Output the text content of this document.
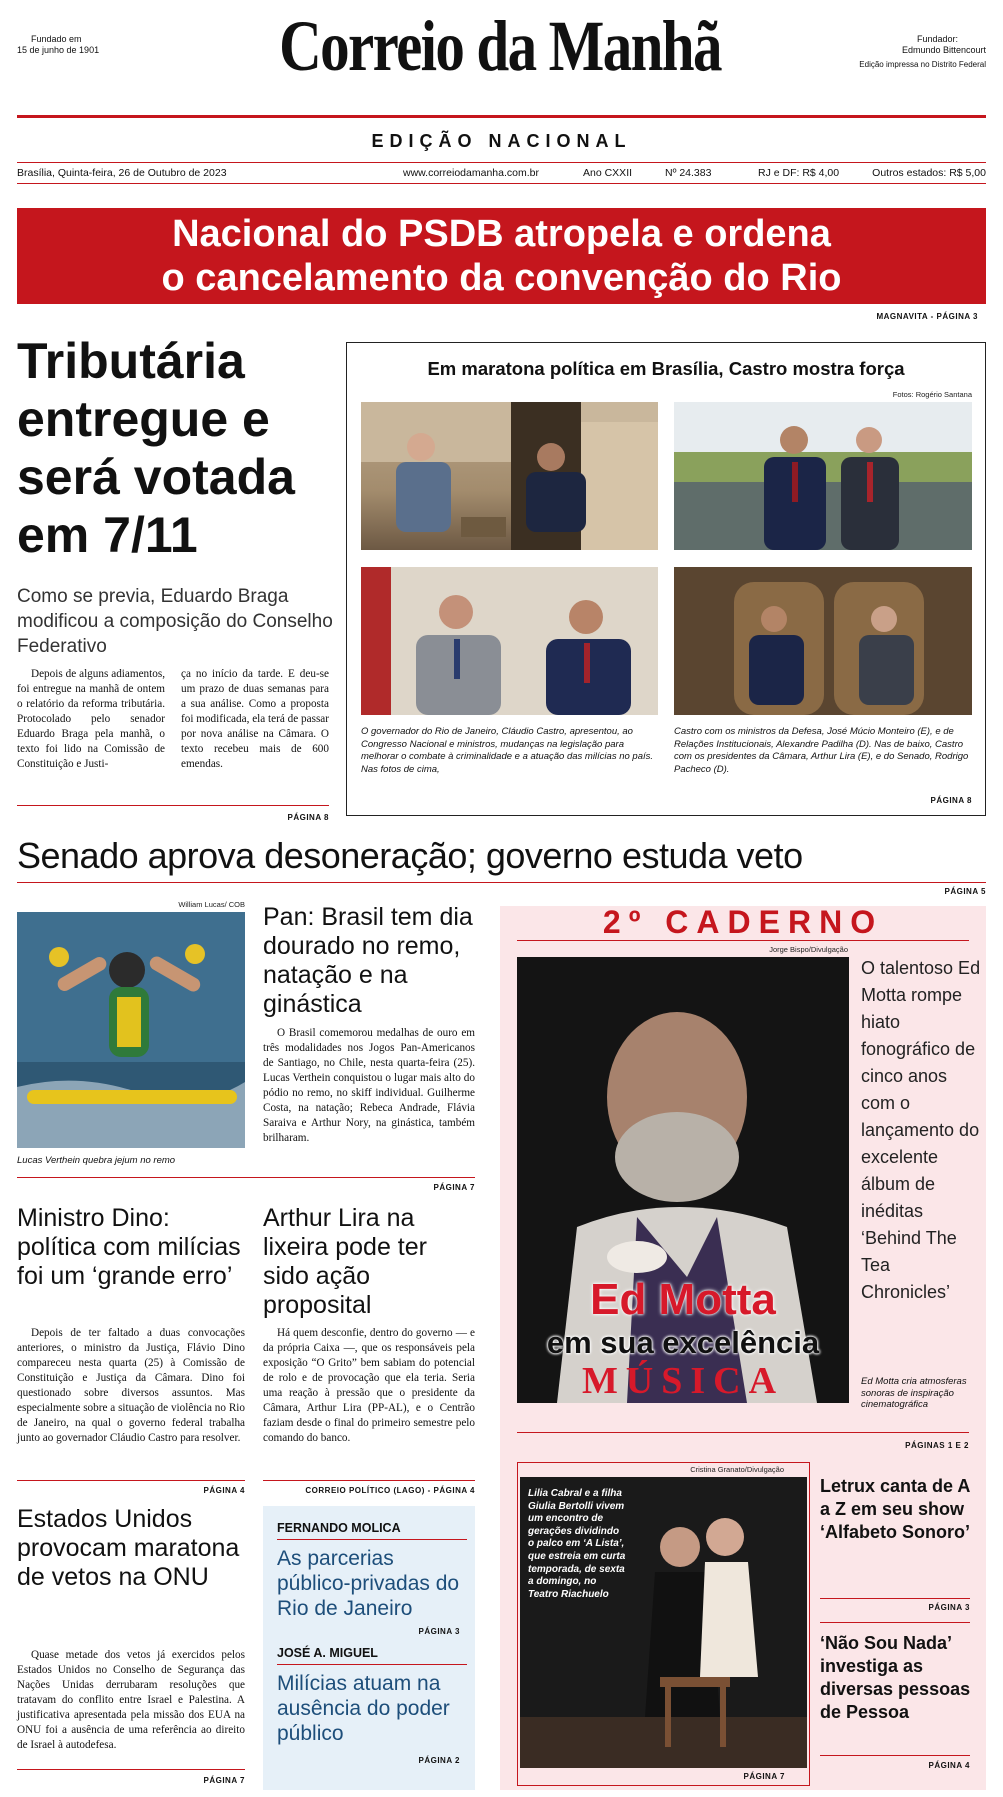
Fundado em
15 de junho de 1901	Correio da Manhã	Fundador:
Edmundo Bittencourt
Edição impressa no Distrito Federal
EDIÇÃO NACIONAL
Brasília, Quinta-feira, 26 de Outubro de 2023	www.correiodamanha.com.br	Ano CXXII	Nº 24.383	RJ e DF: R$ 4,00	Outros estados: R$ 5,00
Nacional do PSDB atropela e ordena
o cancelamento da convenção do Rio
MAGNAVITA - PÁGINA 3
Tributária entregue e será votada em 7/11
Como se previa, Eduardo Braga modificou a composição do Conselho Federativo

Depois de alguns adiamentos, foi entregue na manhã de ontem o relatório da reforma tributária. Protocolado pelo senador Eduardo Braga pela manhã, o texto foi lido na Comissão de Constituição e Justi-

ça no início da tarde. E deu-se um prazo de duas semanas para a sua análise. Como a proposta foi modificada, ela terá de passar por nova análise na Câmara. O texto recebeu mais de 600 emendas.

PÁGINA 8
Em maratona política em Brasília, Castro mostra força
Fotos: Rogério Santana
O governador do Rio de Janeiro, Cláudio Castro, apresentou, ao Congresso Nacional e ministros, mudanças na legislação para melhorar o combate à criminalidade e a atuação das milícias no país. Nas fotos de cima,
Castro com os ministros da Defesa, José Múcio Monteiro (E), e de Relações Institucionais, Alexandre Padilha (D). Nas de baixo, Castro com os presidentes da Câmara, Arthur Lira (E), e do Senado, Rodrigo Pacheco (D).
PÁGINA 8
Senado aprova desoneração; governo estuda veto
PÁGINA 5
William Lucas/ COB
Lucas Verthein quebra jejum no remo
Pan: Brasil tem dia dourado no remo, natação e na ginástica

O Brasil comemorou medalhas de ouro em três modalidades nos Jogos Pan-Americanos de Santiago, no Chile, nesta quarta-feira (25). Lucas Verthein conquistou o lugar mais alto do pódio no remo, no skiff individual. Guilherme Costa, na natação; Rebeca Andrade, Flávia Saraiva e Arthur Nory, na ginástica, também brilharam.

PÁGINA 7
Ministro Dino: política com milícias foi um ‘grande erro’

Depois de ter faltado a duas convocações anteriores, o ministro da Justiça, Flávio Dino compareceu nesta quarta (25) à Comissão de Constituição e Justiça da Câmara. Dino foi questionado sobre diversos assuntos. Mas especialmente sobre a situação de violência no Rio de Janeiro, na qual o governo federal trabalha junto ao governador Cláudio Castro para resolver.

PÁGINA 4
Arthur Lira na lixeira pode ter sido ação proposital

Há quem desconfie, dentro do governo — e da própria Caixa —, que os responsáveis pela exposição “O Grito” bem sabiam do potencial de rolo e de provocação que ela teria. Seria uma reação à pressão que o presidente da Câmara, Arthur Lira (PP-AL), e o Centrão faziam desde o final do primeiro semestre pelo comando do banco.

CORREIO POLÍTICO (LAGO) - PÁGINA 4
Estados Unidos provocam maratona de vetos na ONU

Quase metade dos vetos já exercidos pelos Estados Unidos no Conselho de Segurança das Nações Unidas derrubaram resoluções que tratavam do conflito entre Israel e Palestina. A justificativa apresentada pela missão dos EUA na ONU foi a ausência de uma referência ao direito de Israel à autodefesa.

PÁGINA 7
FERNANDO MOLICA
As parcerias público-privadas do Rio de Janeiro
PÁGINA 3
JOSÉ A. MIGUEL
Milícias atuam na ausência do poder público
PÁGINA 2
2º CADERNO
Jorge Bispo/Divulgação
Ed Motta
em sua excelência
MÚSICA
O talentoso Ed Motta rompe hiato fonográfico de cinco anos com o lançamento do excelente álbum de inéditas ‘Behind The Tea Chronicles’
Ed Motta cria atmosferas sonoras de inspiração cinematográfica
PÁGINAS 1 E 2
Cristina Granato/Divulgação
Lilia Cabral e a filha Giulia Bertolli vivem um encontro de gerações dividindo o palco em ‘A Lista’, que estreia em curta temporada, de sexta a domingo, no Teatro Riachuelo
PÁGINA 7
Letrux canta de A a Z em seu show ‘Alfabeto Sonoro’
PÁGINA 3
‘Não Sou Nada’ investiga as diversas pessoas de Pessoa
PÁGINA 4
